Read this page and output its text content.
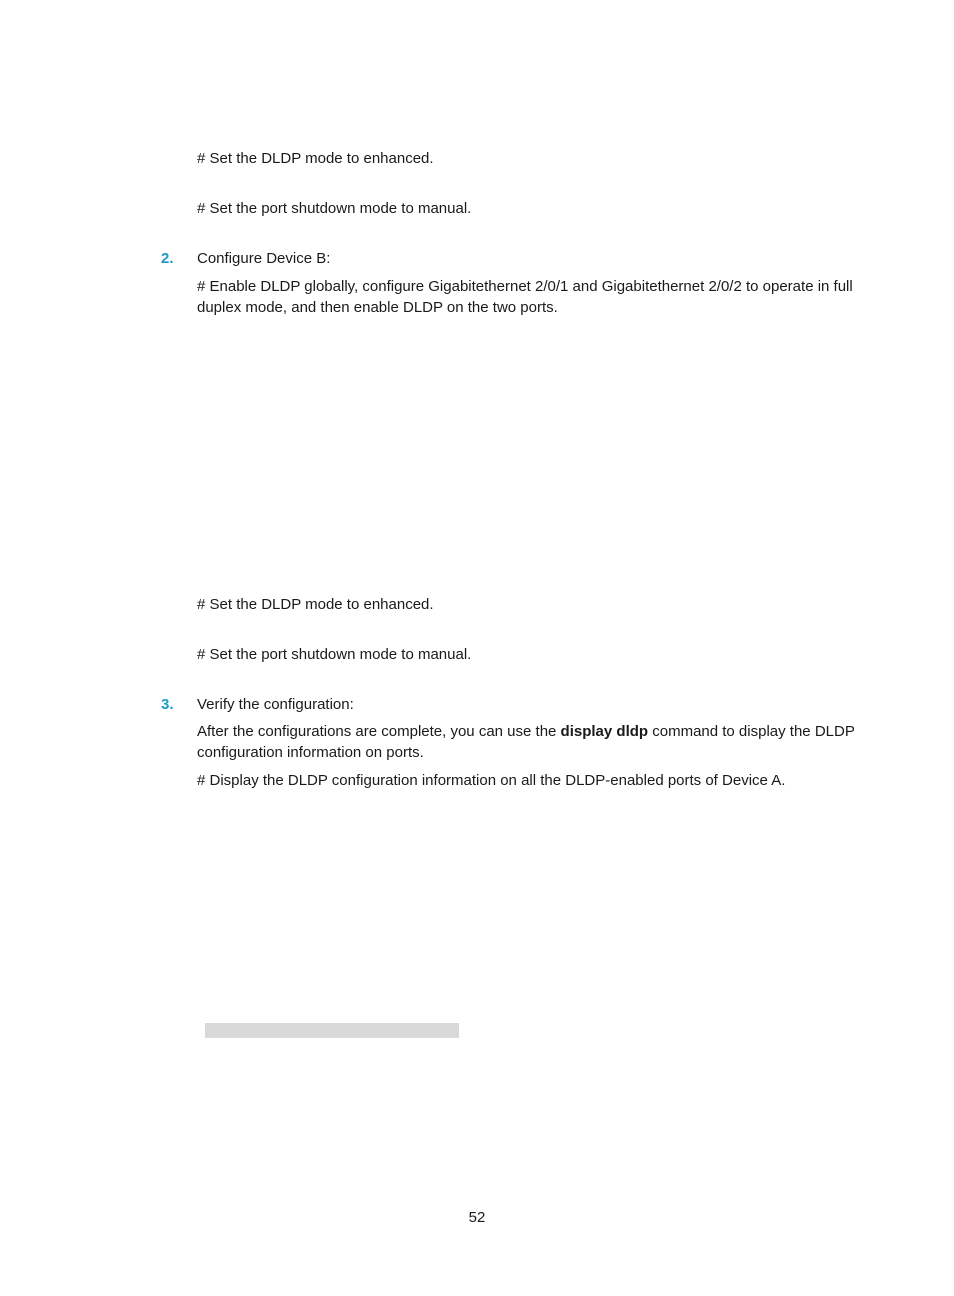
# Set the DLDP mode to enhanced.
# Set the port shutdown mode to manual.
2. Configure Device B:
# Enable DLDP globally, configure Gigabitethernet 2/0/1 and Gigabitethernet 2/0/2 to operate in full duplex mode, and then enable DLDP on the two ports.
# Set the DLDP mode to enhanced.
# Set the port shutdown mode to manual.
3. Verify the configuration:
After the configurations are complete, you can use the display dldp command to display the DLDP configuration information on ports.
# Display the DLDP configuration information on all the DLDP-enabled ports of Device A.
52
